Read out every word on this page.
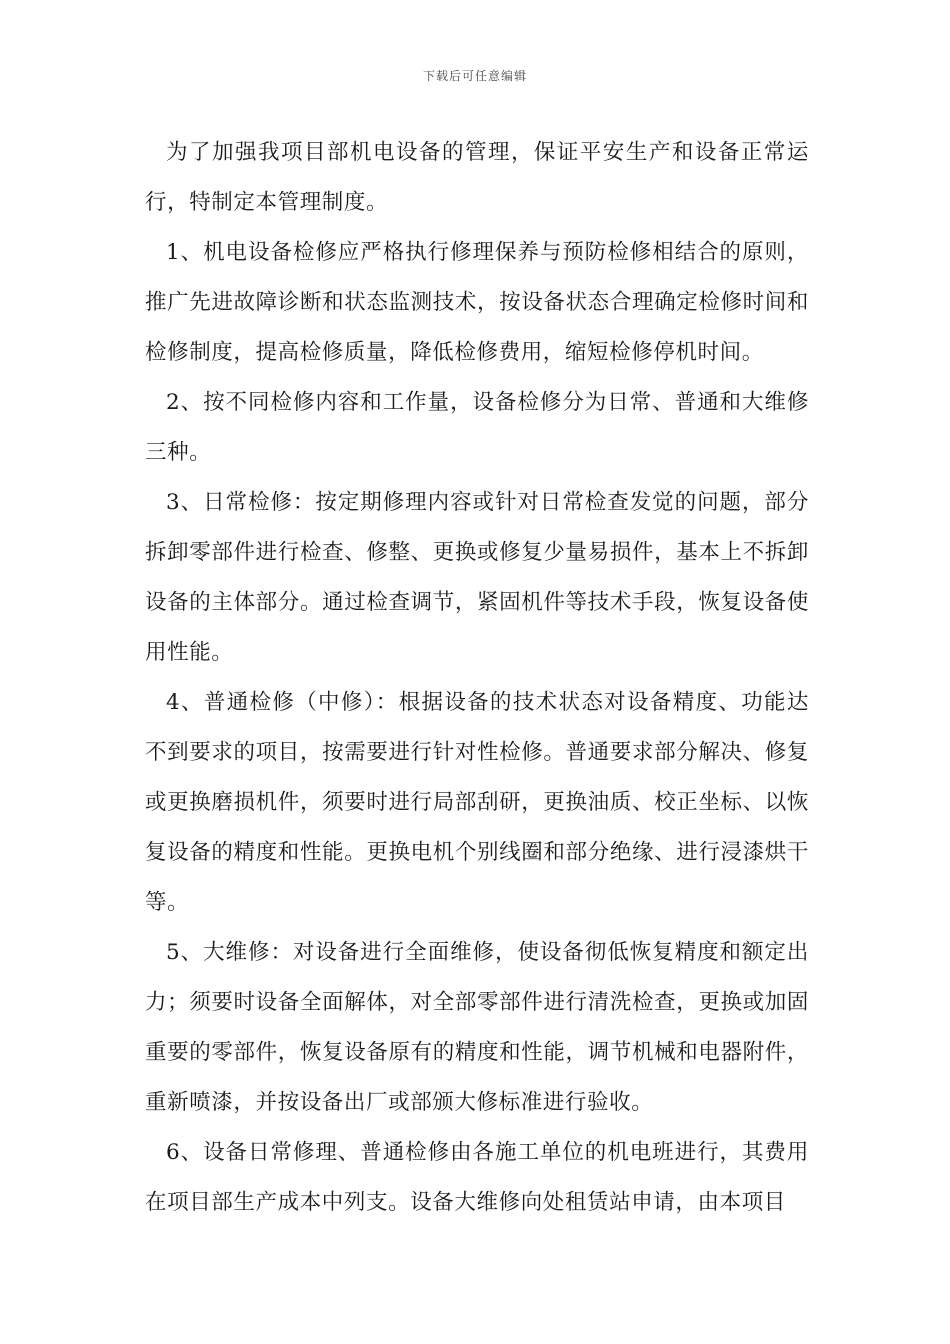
下载后可任意编辑

为了加强我项目部机电设备的管理，保证平安生产和设备正常运行，特制定本管理制度。

1、机电设备检修应严格执行修理保养与预防检修相结合的原则，推广先进故障诊断和状态监测技术，按设备状态合理确定检修时间和检修制度，提高检修质量，降低检修费用，缩短检修停机时间。

2、按不同检修内容和工作量，设备检修分为日常、普通和大维修三种。

3、日常检修：按定期修理内容或针对日常检查发觉的问题，部分拆卸零部件进行检查、修整、更换或修复少量易损件，基本上不拆卸设备的主体部分。通过检查调节，紧固机件等技术手段，恢复设备使用性能。

4、普通检修（中修）：根据设备的技术状态对设备精度、功能达不到要求的项目，按需要进行针对性检修。普通要求部分解决、修复或更换磨损机件，须要时进行局部刮研，更换油质、校正坐标、以恢复设备的精度和性能。更换电机个别线圈和部分绝缘、进行浸漆烘干等。

5、大维修：对设备进行全面维修，使设备彻低恢复精度和额定出力；须要时设备全面解体，对全部零部件进行清洗检查，更换或加固重要的零部件，恢复设备原有的精度和性能，调节机械和电器附件，重新喷漆，并按设备出厂或部颁大修标准进行验收。

6、设备日常修理、普通检修由各施工单位的机电班进行，其费用在项目部生产成本中列支。设备大维修向处租赁站申请，由本项目
